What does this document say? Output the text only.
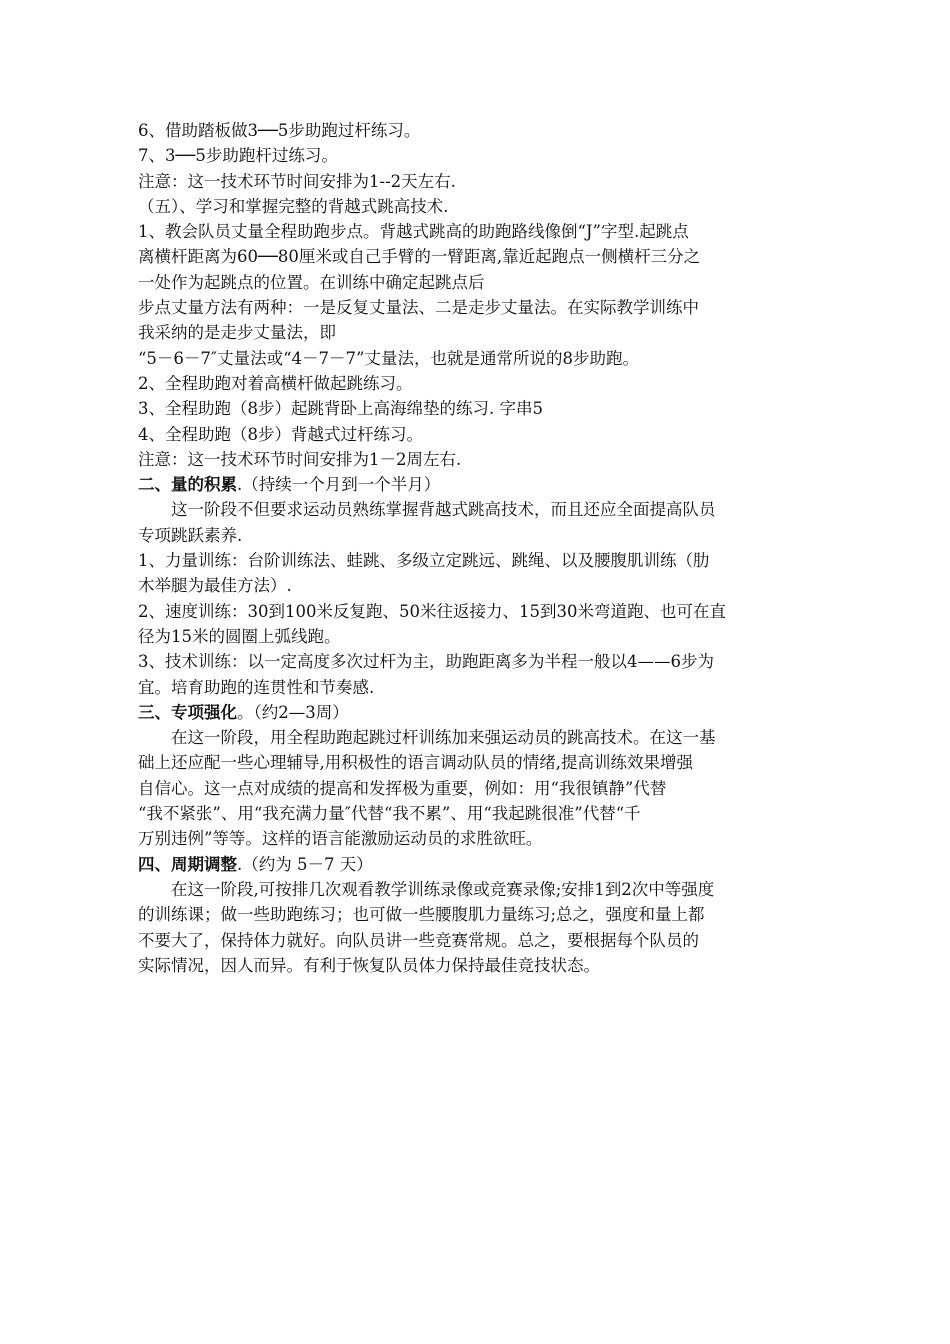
6、借助踏板做3──5步助跑过杆练习。
7、3──5步助跑杆过练习。
注意：这一技术环节时间安排为1--2天左右.
（五）、学习和掌握完整的背越式跳高技术.
1、教会队员丈量全程助跑步点。背越式跳高的助跑路线像倒“J”字型.起跳点
离横杆距离为60──80厘米或自己手臂的一臂距离,靠近起跑点一侧横杆三分之
一处作为起跳点的位置。在训练中确定起跳点后
步点丈量方法有两种：一是反复丈量法、二是走步丈量法。在实际教学训练中
我采纳的是走步丈量法，即
“5－6－7″丈量法或“4－7－7”丈量法，也就是通常所说的8步助跑。
2、全程助跑对着高横杆做起跳练习。
3、全程助跑（8步）起跳背卧上高海绵垫的练习. 字串5
4、全程助跑（8步）背越式过杆练习。
注意：这一技术环节时间安排为1－2周左右.
二、量的积累.（持续一个月到一个半月）
这一阶段不但要求运动员熟练掌握背越式跳高技术，而且还应全面提高队员
专项跳跃素养.
1、力量训练：台阶训练法、蛙跳、多级立定跳远、跳绳、以及腰腹肌训练（肋
木举腿为最佳方法）.
2、速度训练：30到100米反复跑、50米往返接力、15到30米弯道跑、也可在直
径为15米的圆圈上弧线跑。
3、技术训练：以一定高度多次过杆为主，助跑距离多为半程一般以4——6步为
宜。培育助跑的连贯性和节奏感.
三、专项强化。（约2—3周）
在这一阶段，用全程助跑起跳过杆训练加来强运动员的跳高技术。在这一基
础上还应配一些心理辅导,用积极性的语言调动队员的情绪,提高训练效果增强
自信心。这一点对成绩的提高和发挥极为重要，例如：用“我很镇静”代替
“我不紧张”、用“我充满力量″代替“我不累”、用“我起跳很准”代替“千
万别违例”等等。这样的语言能激励运动员的求胜欲旺。
四、周期调整.（约为 5－7 天）
在这一阶段,可按排几次观看教学训练录像或竞赛录像;安排1到2次中等强度
的训练课；做一些助跑练习；也可做一些腰腹肌力量练习;总之，强度和量上都
不要大了，保持体力就好。向队员讲一些竞赛常规。总之，要根据每个队员的
实际情况，因人而异。有利于恢复队员体力保持最佳竞技状态。
